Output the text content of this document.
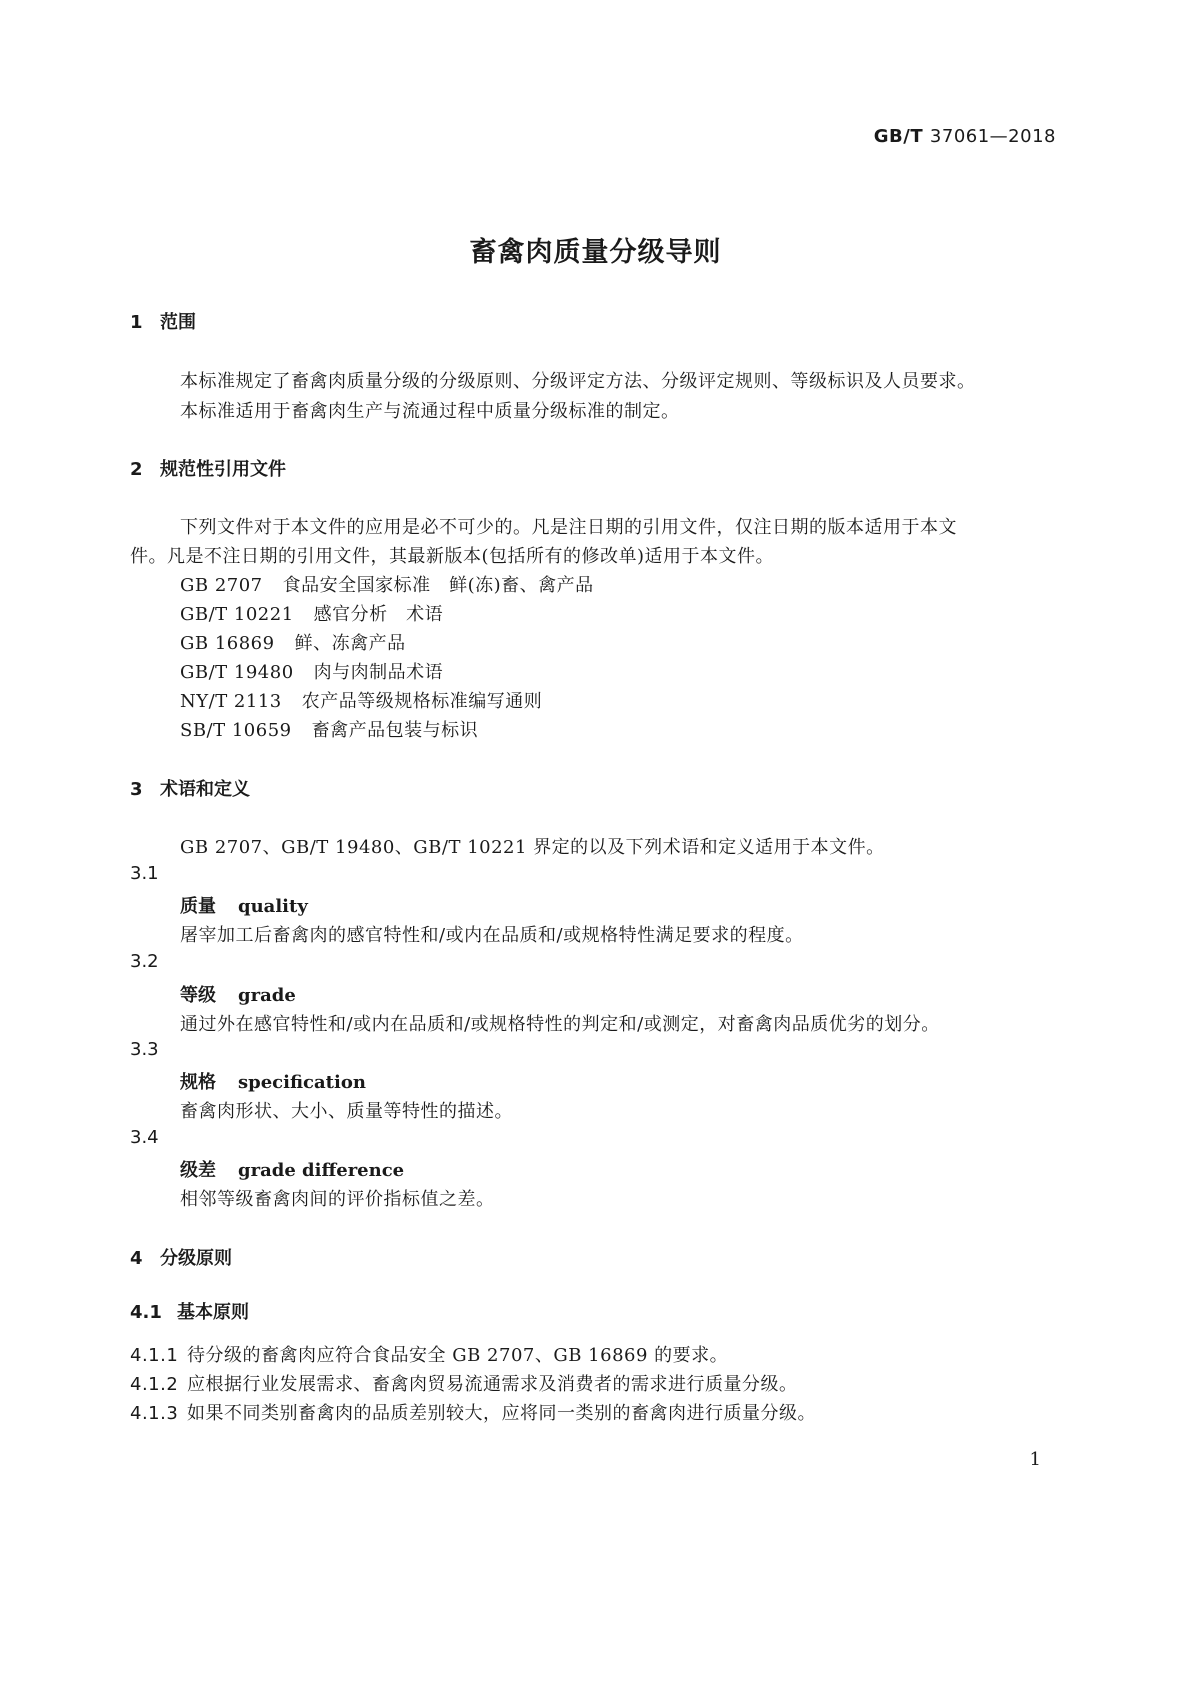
GB/T 37061—2018
畜禽肉质量分级导则
1 范围
本标准规定了畜禽肉质量分级的分级原则、分级评定方法、分级评定规则、等级标识及人员要求。
本标准适用于畜禽肉生产与流通过程中质量分级标准的制定。
2 规范性引用文件
下列文件对于本文件的应用是必不可少的。凡是注日期的引用文件，仅注日期的版本适用于本文
件。凡是不注日期的引用文件，其最新版本(包括所有的修改单)适用于本文件。
GB 2707 食品安全国家标准　鲜(冻)畜、禽产品
GB/T 10221 感官分析　术语
GB 16869 鲜、冻禽产品
GB/T 19480 肉与肉制品术语
NY/T 2113 农产品等级规格标准编写通则
SB/T 10659 畜禽产品包装与标识
3 术语和定义
GB 2707、GB/T 19480、GB/T 10221 界定的以及下列术语和定义适用于本文件。
3.1
质量 quality
屠宰加工后畜禽肉的感官特性和/或内在品质和/或规格特性满足要求的程度。
3.2
等级 grade
通过外在感官特性和/或内在品质和/或规格特性的判定和/或测定，对畜禽肉品质优劣的划分。
3.3
规格 specification
畜禽肉形状、大小、质量等特性的描述。
3.4
级差 grade difference
相邻等级畜禽肉间的评价指标值之差。
4 分级原则
4.1 基本原则
4.1.1 待分级的畜禽肉应符合食品安全 GB 2707、GB 16869 的要求。
4.1.2 应根据行业发展需求、畜禽肉贸易流通需求及消费者的需求进行质量分级。
4.1.3 如果不同类别畜禽肉的品质差别较大，应将同一类别的畜禽肉进行质量分级。
1
